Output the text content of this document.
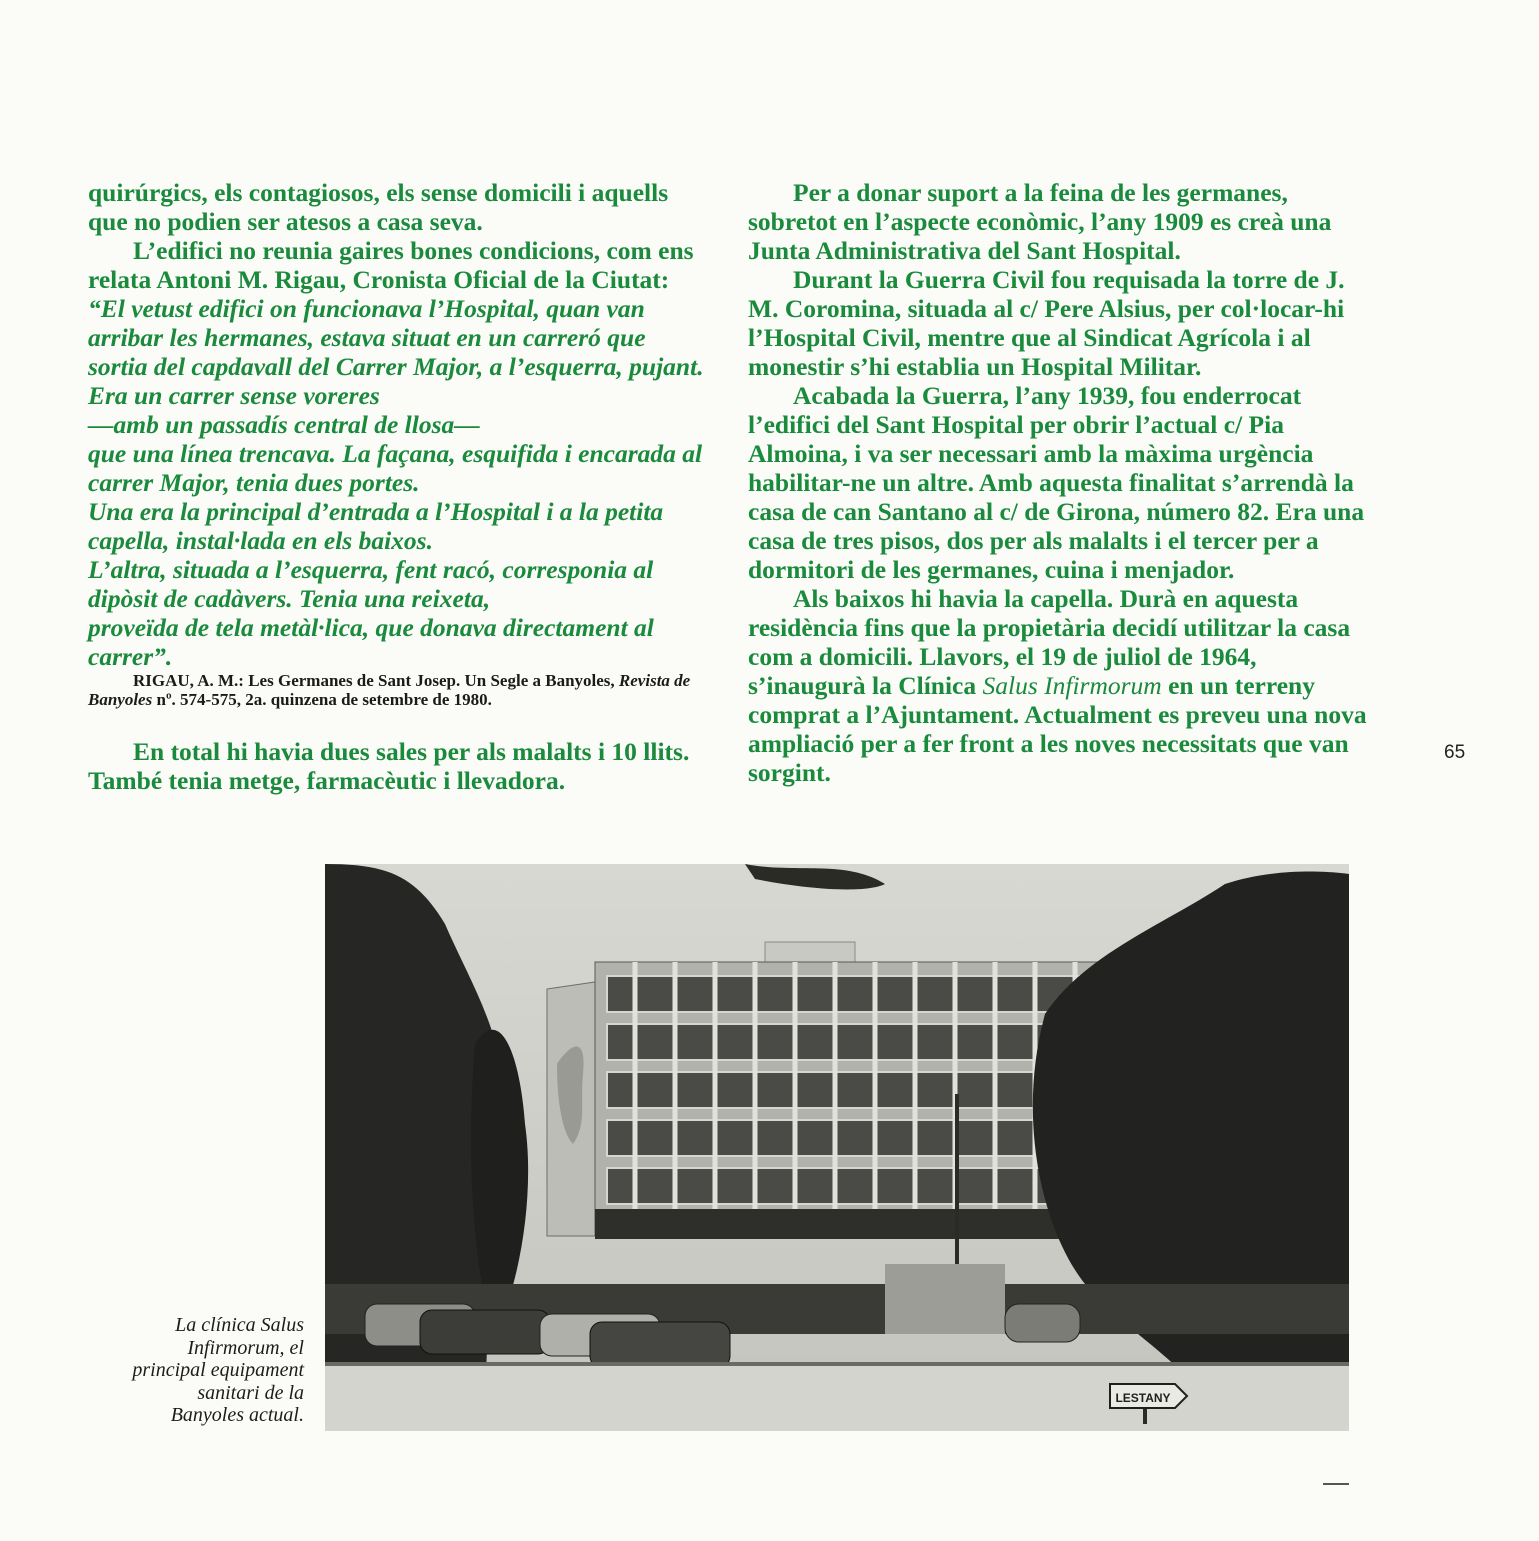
quirúrgics, els contagiosos, els sense domicili i aquells que no podien ser atesos a casa seva.

L’edifici no reunia gaires bones condicions, com ens relata Antoni M. Rigau, Cronista Oficial de la Ciutat: “El vetust edifici on funcionava l’Hospital, quan van arribar les hermanes, estava situat en un carreró que sortia del capdavall del Carrer Major, a l’esquerra, pujant. Era un carrer sense voreres
—amb un passadís central de llosa—
que una línea trencava. La façana, esquifida i encarada al carrer Major, tenia dues portes.
Una era la principal d’entrada a l’Hospital i a la petita capella, instal·lada en els baixos.
L’altra, situada a l’esquerra, fent racó, corresponia al dipòsit de cadàvers. Tenia una reixeta,
proveïda de tela metàl·lica, que donava directament al carrer”.

RIGAU, A. M.: Les Germanes de Sant Josep. Un Segle a Banyoles, Revista de Banyoles nº. 574-575, 2a. quinzena de setembre de 1980.

En total hi havia dues sales per als malalts i 10 llits. També tenia metge, farmacèutic i llevadora.

Per a donar suport a la feina de les germanes, sobretot en l’aspecte econòmic, l’any 1909 es creà una Junta Administrativa del Sant Hospital.

Durant la Guerra Civil fou requisada la torre de J. M. Coromina, situada al c/ Pere Alsius, per col·locar-hi l’Hospital Civil, mentre que al Sindicat Agrícola i al monestir s’hi establia un Hospital Militar.

Acabada la Guerra, l’any 1939, fou enderrocat l’edifici del Sant Hospital per obrir l’actual c/ Pia Almoina, i va ser necessari amb la màxima urgència habilitar-ne un altre. Amb aquesta finalitat s’arrendà la casa de can Santano al c/ de Girona, número 82. Era una casa de tres pisos, dos per als malalts i el tercer per a dormitori de les germanes, cuina i menjador.

Als baixos hi havia la capella. Durà en aquesta residència fins que la propietària decidí utilitzar la casa com a domicili. Llavors, el 19 de juliol de 1964, s’inaugurà la Clínica Salus Infirmorum en un terreny comprat a l’Ajuntament. Actualment es preveu una nova ampliació per a fer front a les noves necessitats que van sorgint.

65
LESTANY
La clínica Salus
Infirmorum, el
principal equipament
sanitari de la
Banyoles actual.
